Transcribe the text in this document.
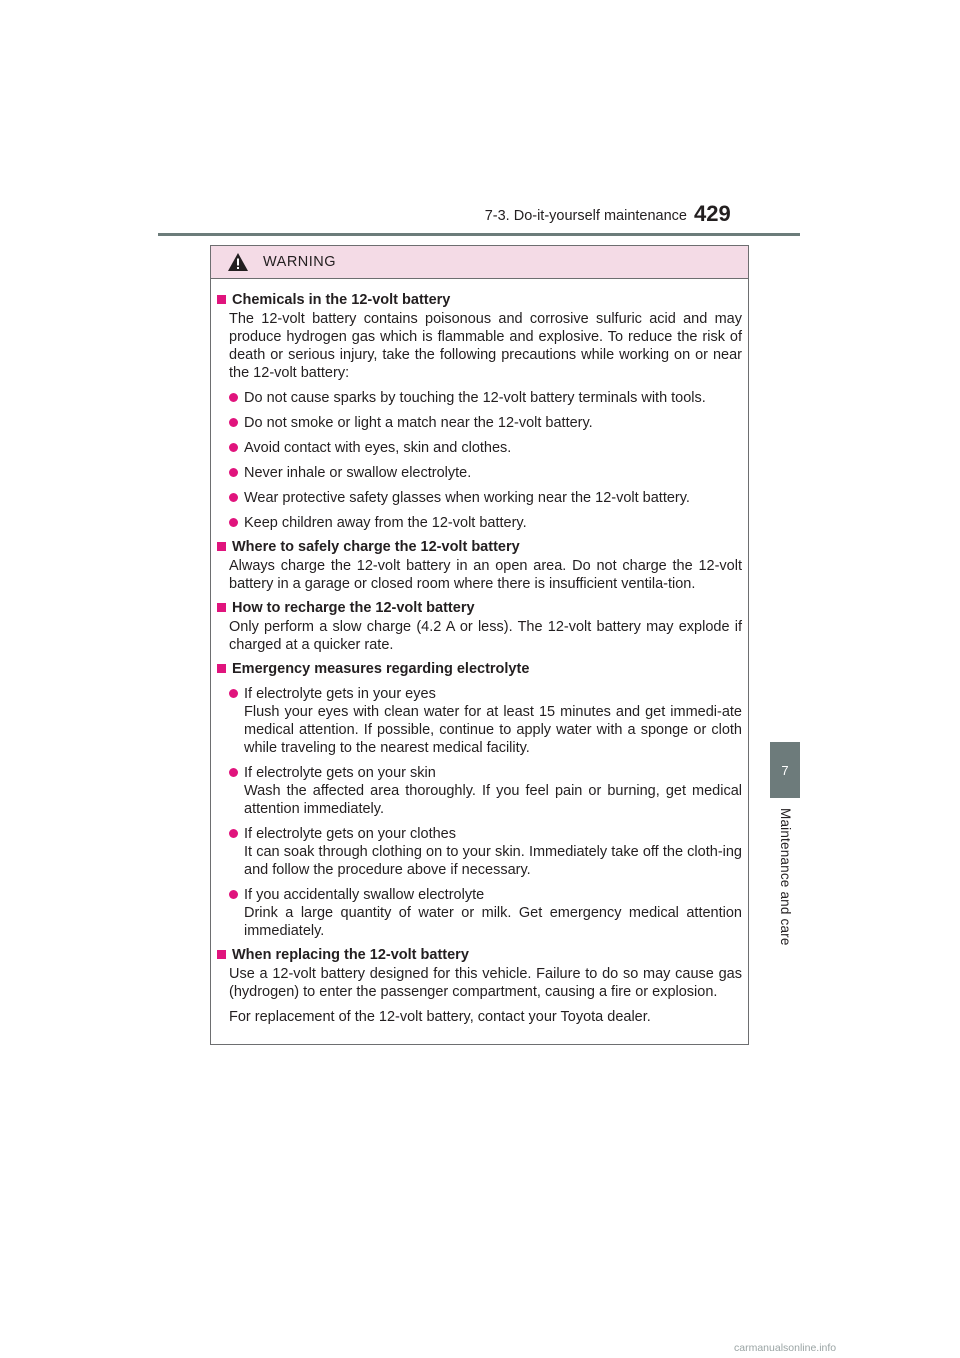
7-3. Do-it-yourself maintenance 429
7
Maintenance and care
WARNING
Chemicals in the 12-volt battery
The 12-volt battery contains poisonous and corrosive sulfuric acid and may produce hydrogen gas which is flammable and explosive. To reduce the risk of death or serious injury, take the following precautions while working on or near the 12-volt battery:
Do not cause sparks by touching the 12-volt battery terminals with tools.
Do not smoke or light a match near the 12-volt battery.
Avoid contact with eyes, skin and clothes.
Never inhale or swallow electrolyte.
Wear protective safety glasses when working near the 12-volt battery.
Keep children away from the 12-volt battery.
Where to safely charge the 12-volt battery
Always charge the 12-volt battery in an open area. Do not charge the 12-volt battery in a garage or closed room where there is insufficient ventila-tion.
How to recharge the 12-volt battery
Only perform a slow charge (4.2 A or less). The 12-volt battery may explode if charged at a quicker rate.
Emergency measures regarding electrolyte
If electrolyte gets in your eyes
Flush your eyes with clean water for at least 15 minutes and get immedi-ate medical attention. If possible, continue to apply water with a sponge or cloth while traveling to the nearest medical facility.
If electrolyte gets on your skin
Wash the affected area thoroughly. If you feel pain or burning, get medical attention immediately.
If electrolyte gets on your clothes
It can soak through clothing on to your skin. Immediately take off the cloth-ing and follow the procedure above if necessary.
If you accidentally swallow electrolyte
Drink a large quantity of water or milk. Get emergency medical attention immediately.
When replacing the 12-volt battery
Use a 12-volt battery designed for this vehicle. Failure to do so may cause gas (hydrogen) to enter the passenger compartment, causing a fire or explosion.
For replacement of the 12-volt battery, contact your Toyota dealer.
carmanualsonline.info
